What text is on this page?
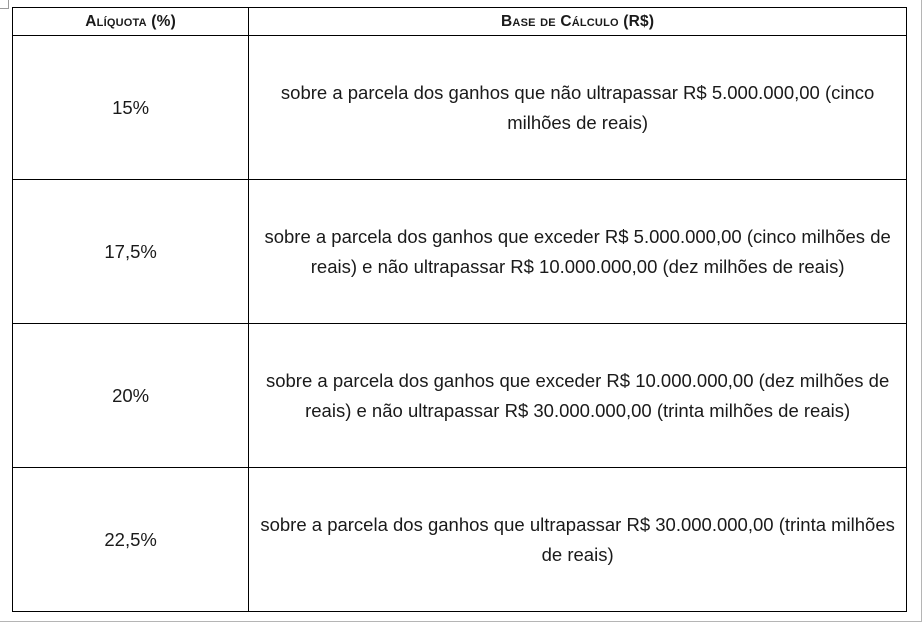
Alíquota (%)	Base de Cálculo (R$)
15%	sobre a parcela dos ganhos que não ultrapassar R$ 5.000.000,00 (cinco milhões de reais)
17,5%	sobre a parcela dos ganhos que exceder R$ 5.000.000,00 (cinco milhões de reais) e não ultrapassar R$ 10.000.000,00 (dez milhões de reais)
20%	sobre a parcela dos ganhos que exceder R$ 10.000.000,00 (dez milhões de reais) e não ultrapassar R$ 30.000.000,00 (trinta milhões de reais)
22,5%	sobre a parcela dos ganhos que ultrapassar R$ 30.000.000,00 (trinta milhões de reais)
